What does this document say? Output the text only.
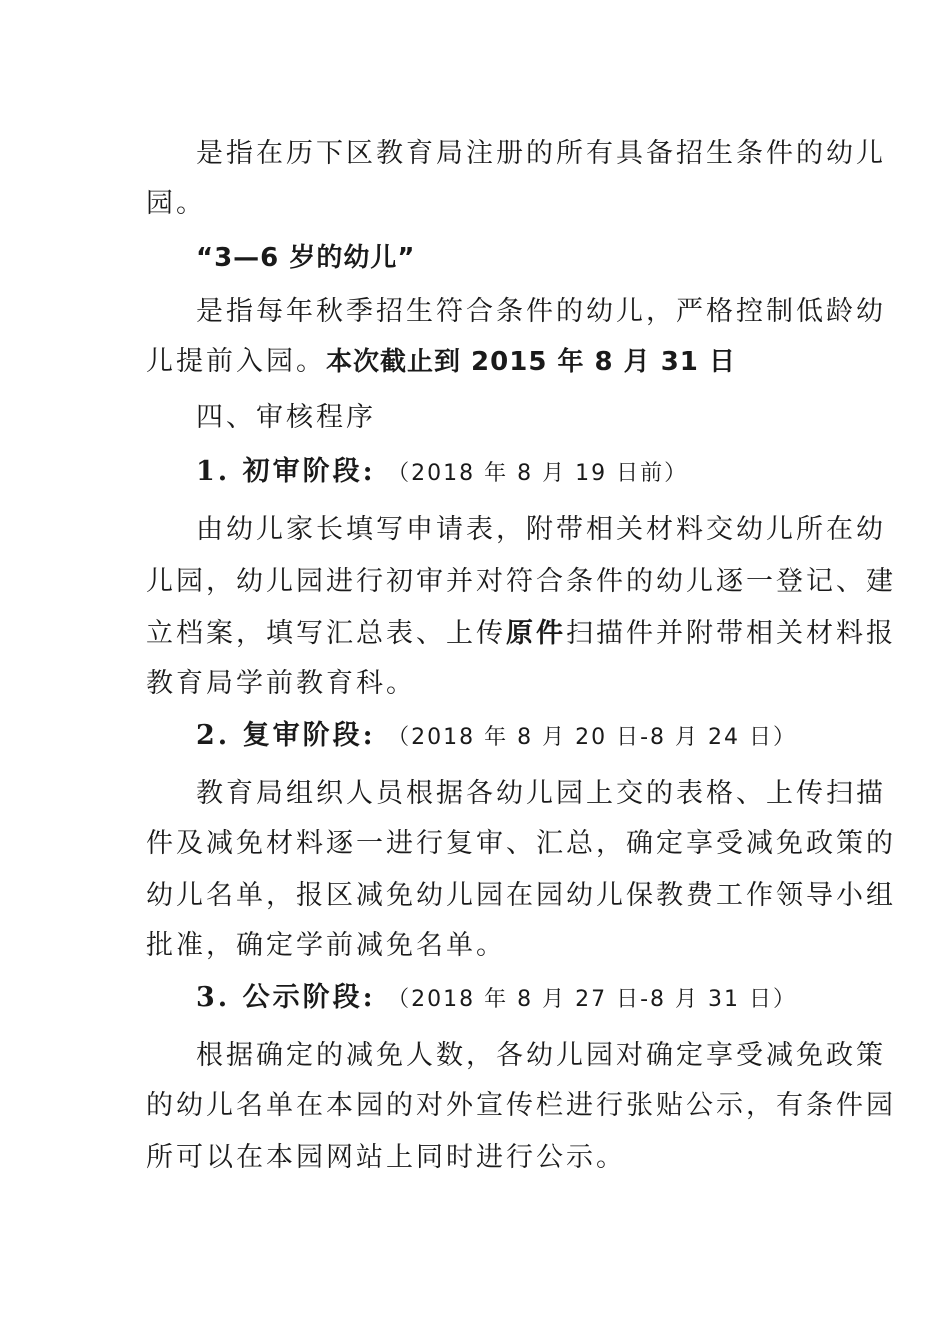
是指在历下区教育局注册的所有具备招生条件的幼儿
园。
“3—6 岁的幼儿”
是指每年秋季招生符合条件的幼儿，严格控制低龄幼
儿提前入园。本次截止到 2015 年 8 月 31 日
四、审核程序
1. 初审阶段: （2018 年 8 月 19 日前）
由幼儿家长填写申请表，附带相关材料交幼儿所在幼
儿园，幼儿园进行初审并对符合条件的幼儿逐一登记、建
立档案，填写汇总表、上传原件扫描件并附带相关材料报
教育局学前教育科。
2. 复审阶段: （2018 年 8 月 20 日-8 月 24 日）
教育局组织人员根据各幼儿园上交的表格、上传扫描
件及减免材料逐一进行复审、汇总，确定享受减免政策的
幼儿名单，报区减免幼儿园在园幼儿保教费工作领导小组
批准，确定学前减免名单。
3. 公示阶段: （2018 年 8 月 27 日-8 月 31 日）
根据确定的减免人数，各幼儿园对确定享受减免政策
的幼儿名单在本园的对外宣传栏进行张贴公示，有条件园
所可以在本园网站上同时进行公示。
